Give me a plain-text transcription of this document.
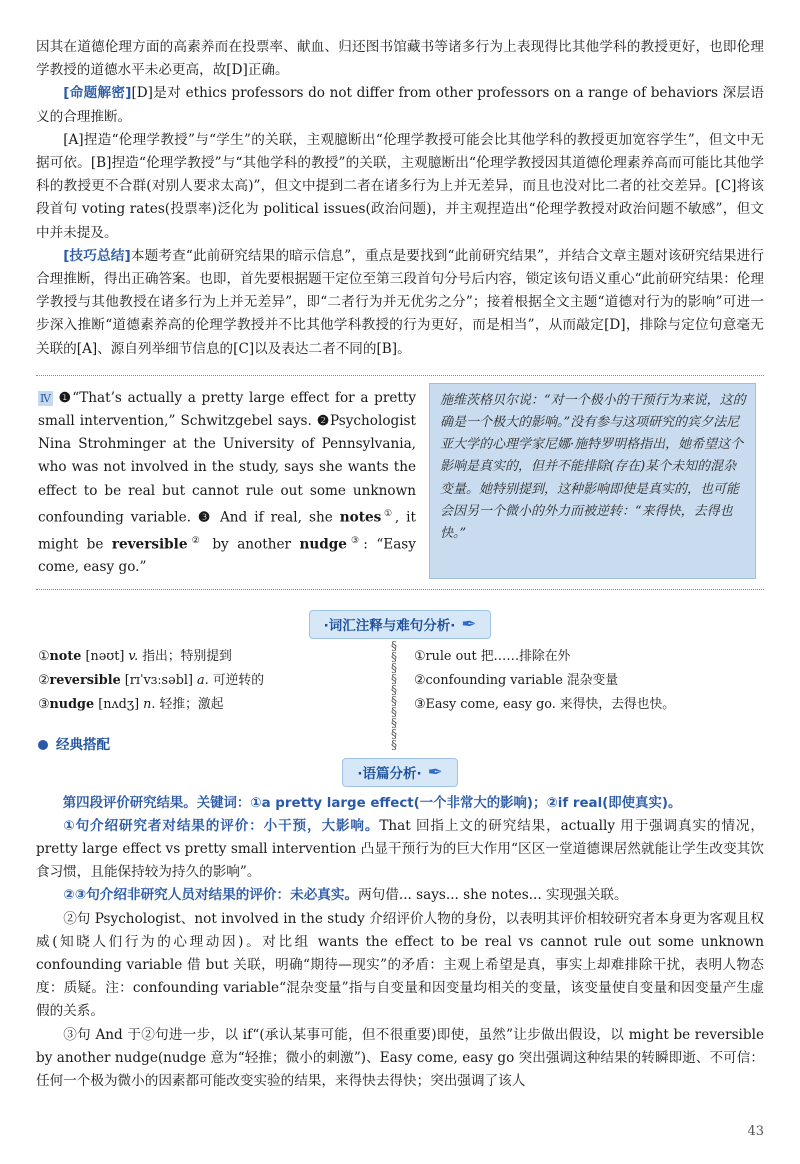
因其在道德伦理方面的高素养而在投票率、献血、归还图书馆藏书等诸多行为上表现得比其他学科的教授更好，也即伦理学教授的道德水平未必更高，故[D]正确。

[命题解密][D]是对 ethics professors do not differ from other professors on a range of behaviors 深层语义的合理推断。

[A]捏造“伦理学教授”与“学生”的关联，主观臆断出“伦理学教授可能会比其他学科的教授更加宽容学生”，但文中无据可依。[B]捏造“伦理学教授”与“其他学科的教授”的关联，主观臆断出“伦理学教授因其道德伦理素养高而可能比其他学科的教授更不合群(对别人要求太高)”，但文中提到二者在诸多行为上并无差异，而且也没对比二者的社交差异。[C]将该段首句 voting rates(投票率)泛化为 political issues(政治问题)，并主观捏造出“伦理学教授对政治问题不敏感”，但文中并未提及。

[技巧总结]本题考查“此前研究结果的暗示信息”，重点是要找到“此前研究结果”，并结合文章主题对该研究结果进行合理推断，得出正确答案。也即，首先要根据题干定位至第三段首句分号后内容，锁定该句语义重心“此前研究结果：伦理学教授与其他教授在诸多行为上并无差异”，即“二者行为并无优劣之分”；接着根据全文主题“道德对行为的影响”可进一步深入推断“道德素养高的伦理学教授并不比其他学科教授的行为更好，而是相当”，从而敲定[D]，排除与定位句意毫无关联的[A]、源自列举细节信息的[C]以及表达二者不同的[B]。

Ⅳ ❶“That’s actually a pretty large effect for a pretty small intervention,” Schwitzgebel says. ❷Psychologist Nina Strohminger at the University of Pennsylvania, who was not involved in the study, says she wants the effect to be real but cannot rule out some unknown confounding variable. ❸ And if real, she notes①, it might be reversible② by another nudge③: “Easy come, easy go.”
施维茨格贝尔说：“对一个极小的干预行为来说，这的确是一个极大的影响。”没有参与这项研究的宾夕法尼亚大学的心理学家尼娜·施特罗明格指出，她希望这个影响是真实的，但并不能排除(存在)某个未知的混杂变量。她特别提到，这种影响即使是真实的，也可能会因另一个微小的外力而被逆转：“来得快，去得也快。”
·词汇注释与难句分析· ✒
①note [nəʊt] v. 指出；特别提到
②reversible [rɪˈvɜːsəbl] a. 可逆转的
③nudge [nʌdʒ] n. 轻推；激起
§
§
§
§
§
§
§
§
§
§
①rule out 把……排除在外
②confounding variable 混杂变量
③Easy come, easy go. 来得快，去得也快。
经典搭配
·语篇分析· ✒

第四段评价研究结果。关键词：①a pretty large effect(一个非常大的影响)；②if real(即使真实)。

①句介绍研究者对结果的评价：小干预，大影响。That 回指上文的研究结果，actually 用于强调真实的情况，pretty large effect vs pretty small intervention 凸显干预行为的巨大作用“区区一堂道德课居然就能让学生改变其饮食习惯，且能保持较为持久的影响”。

②③句介绍非研究人员对结果的评价：未必真实。两句借... says... she notes... 实现强关联。

②句 Psychologist、not involved in the study 介绍评价人物的身份，以表明其评价相较研究者本身更为客观且权威(知晓人们行为的心理动因)。对比组 wants the effect to be real vs cannot rule out some unknown confounding variable 借 but 关联，明确“期待—现实”的矛盾：主观上希望是真，事实上却难排除干扰，表明人物态度：质疑。注：confounding variable“混杂变量”指与自变量和因变量均相关的变量，该变量使自变量和因变量产生虚假的关系。

③句 And 于②句进一步，以 if“(承认某事可能，但不很重要)即使，虽然”让步做出假设，以 might be reversible by another nudge(nudge 意为“轻推；微小的刺激”)、Easy come, easy go 突出强调这种结果的转瞬即逝、不可信：任何一个极为微小的因素都可能改变实验的结果，来得快去得快；突出强调了该人

43
